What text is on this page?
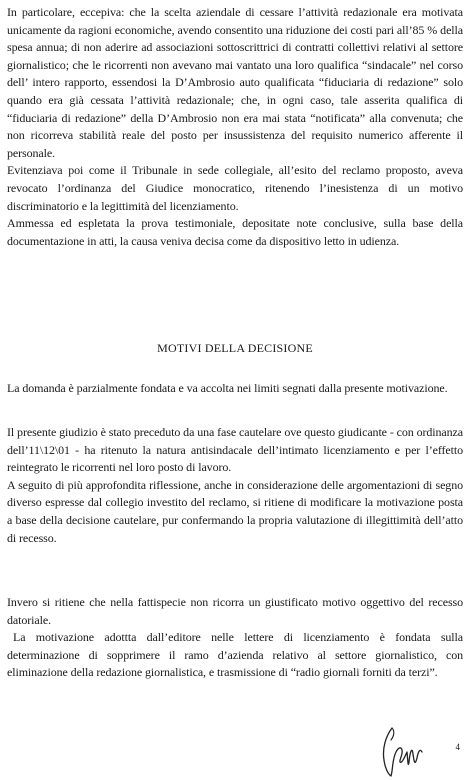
In particolare, eccepiva: che la scelta aziendale di cessare l’attività redazionale era motivata unicamente da ragioni economiche, avendo consentito una riduzione dei costi pari all’85 % della spesa annua; di non aderire ad associazioni sottoscrittrici di contratti collettivi relativi al settore giornalistico; che le ricorrenti non avevano mai vantato una loro qualifica “sindacale” nel corso dell’ intero rapporto, essendosi la D’Ambrosio auto qualificata “fiduciaria di redazione” solo quando era già cessata l’attività redazionale; che, in ogni caso, tale asserita qualifica di “fiduciaria di redazione” della D’Ambrosio non era mai stata “notificata” alla convenuta; che non ricorreva stabilità reale del posto per insussistenza del requisito numerico afferente il personale.

Evitenziava poi come il Tribunale in sede collegiale, all’esito del reclamo proposto, aveva revocato l’ordinanza del Giudice monocratico, ritenendo l’inesistenza di un motivo discriminatorio e la legittimità del licenziamento.

Ammessa ed espletata la prova testimoniale, depositate note conclusive, sulla base della documentazione in atti, la causa veniva decisa come da dispositivo letto in udienza.

MOTIVI DELLA DECISIONE

La domanda è parzialmente fondata e va accolta nei limiti segnati dalla presente motivazione.

Il presente giudizio è stato preceduto da una fase cautelare ove questo giudicante - con ordinanza dell’11\12\01 - ha ritenuto la natura antisindacale dell’intimato licenziamento e per l’effetto reintegrato le ricorrenti nel loro posto di lavoro.

A seguito di più approfondita riflessione, anche in considerazione delle argomentazioni di segno diverso espresse dal collegio investito del reclamo, si ritiene di modificare la motivazione posta a base della decisione cautelare, pur confermando la propria valutazione di illegittimità dell’atto di recesso.

Invero si ritiene che nella fattispecie non ricorra un giustificato motivo oggettivo del recesso datoriale.

La motivazione adottta dall’editore nelle lettere di licenziamento è fondata sulla determinazione di sopprimere il ramo d’azienda relativo al settore giornalistico, con eliminazione della redazione giornalistica, e trasmissione di “radio giornali forniti da terzi”.

4
